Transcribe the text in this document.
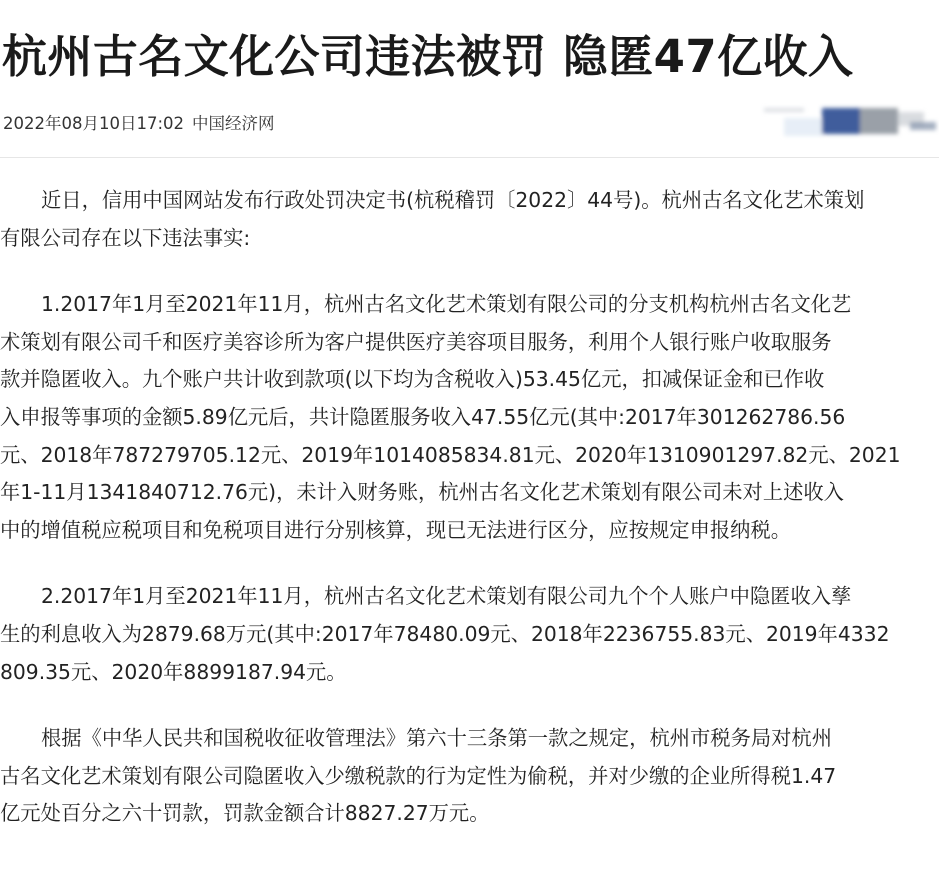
杭州古名文化公司违法被罚 隐匿47亿收入
2022年08月10日17:02 中国经济网

近日，信用中国网站发布行政处罚决定书(杭税稽罚〔2022〕44号)。杭州古名文化艺术策划
有限公司存在以下违法事实:

1.2017年1月至2021年11月，杭州古名文化艺术策划有限公司的分支机构杭州古名文化艺
术策划有限公司千和医疗美容诊所为客户提供医疗美容项目服务，利用个人银行账户收取服务
款并隐匿收入。九个账户共计收到款项(以下均为含税收入)53.45亿元，扣减保证金和已作收
入申报等事项的金额5.89亿元后，共计隐匿服务收入47.55亿元(其中:2017年301262786.56
元、2018年787279705.12元、2019年1014085834.81元、2020年1310901297.82元、2021
年1-11月1341840712.76元)，未计入财务账，杭州古名文化艺术策划有限公司未对上述收入
中的增值税应税项目和免税项目进行分别核算，现已无法进行区分，应按规定申报纳税。

2.2017年1月至2021年11月，杭州古名文化艺术策划有限公司九个个人账户中隐匿收入孳
生的利息收入为2879.68万元(其中:2017年78480.09元、2018年2236755.83元、2019年4332
809.35元、2020年8899187.94元。

根据《中华人民共和国税收征收管理法》第六十三条第一款之规定，杭州市税务局对杭州
古名文化艺术策划有限公司隐匿收入少缴税款的行为定性为偷税，并对少缴的企业所得税1.47
亿元处百分之六十罚款，罚款金额合计8827.27万元。
